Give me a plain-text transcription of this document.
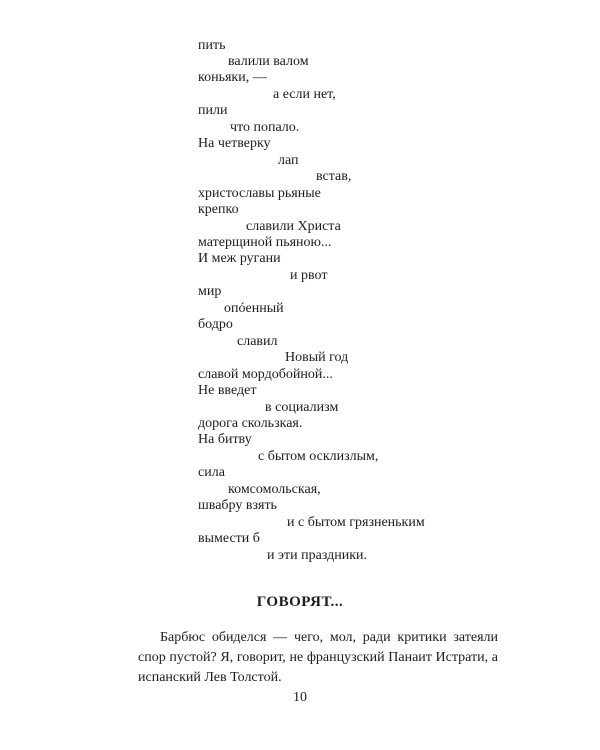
пить
валили валом
коньяки, —
а если нет,
пили
что попало.
На четверку
лап
встав,
христославы рьяные
крепко
славили Христа
матерщиной пьяною...
И меж ругани
и рвот
мир
опóенный
бодро
славил
Новый год
славой мордобойной...
Не введет
в социализм
дорога скользкая.
На битву
с бытом осклизлым,
сила
комсомольская,
швабру взять
и с бытом грязненьким
вымести б
и эти праздники.
ГОВОРЯТ...

Барбюс обиделся — чего, мол, ради критики затеяли спор пустой? Я, говорит, не французский Панаит Истрати, а испанский Лев Толстой.

10
